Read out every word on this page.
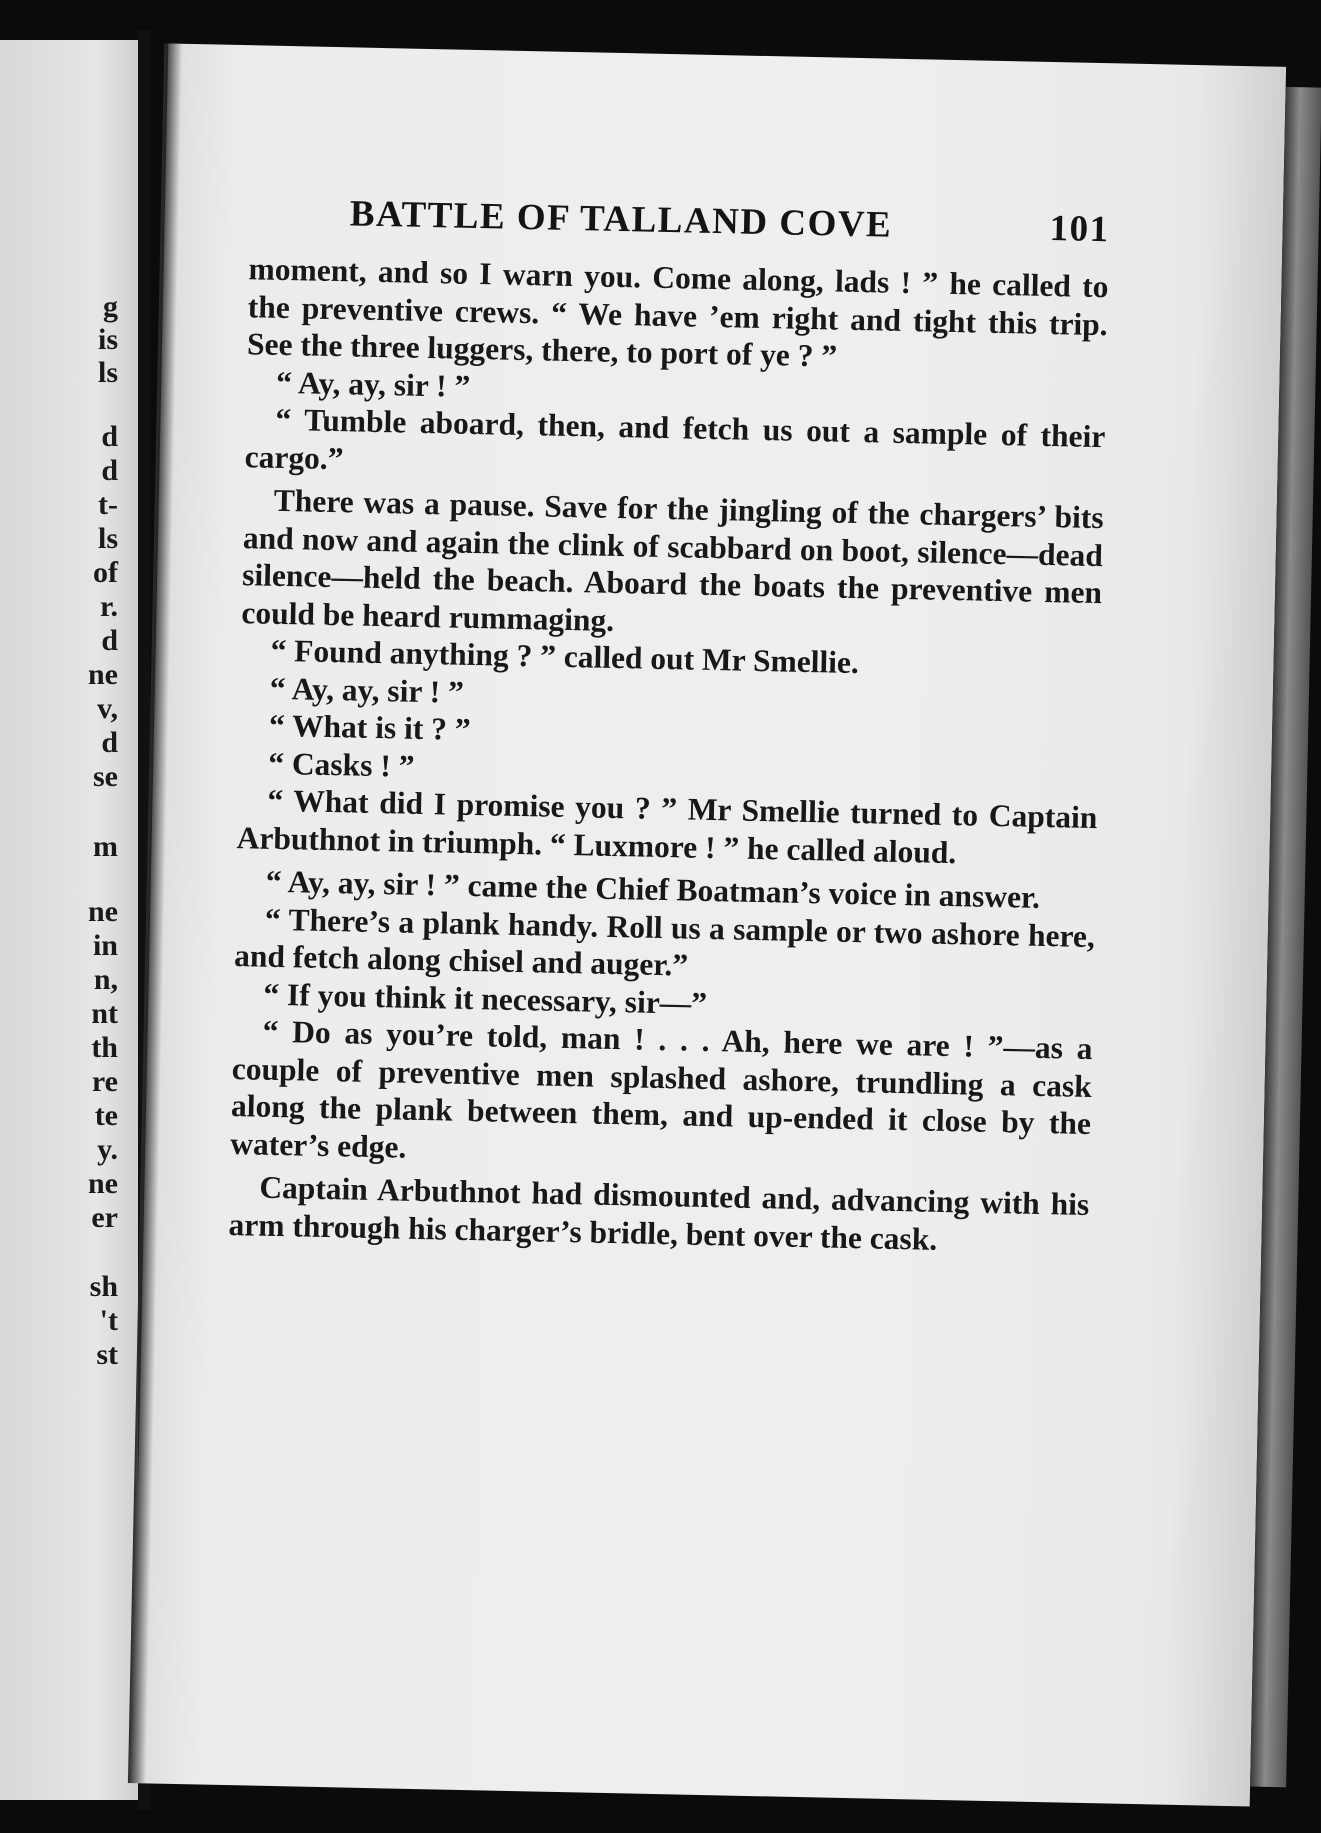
g
is
ls
d
d
t-
ls
of
r.
d
ne
v,
d
se
m
ne
in
n,
nt
th
re
te
y.
ne
er
sh
't
st
BATTLE OF TALLAND COVE	101

moment, and so I warn you. Come along, lads ! ” he called to the preventive crews. “ We have ’em right and tight this trip. See the three luggers, there, to port of ye ? ”

“ Ay, ay, sir ! ”

“ Tumble aboard, then, and fetch us out a sample of their cargo.”

There was a pause. Save for the jingling of the chargers’ bits and now and again the clink of scabbard on boot, silence—dead silence—held the beach. Aboard the boats the preventive men could be heard rummaging.

“ Found anything ? ” called out Mr Smellie.

“ Ay, ay, sir ! ”

“ What is it ? ”

“ Casks ! ”

“ What did I promise you ? ” Mr Smellie turned to Captain Arbuthnot in triumph. “ Luxmore ! ” he called aloud.

“ Ay, ay, sir ! ” came the Chief Boatman’s voice in answer.

“ There’s a plank handy. Roll us a sample or two ashore here, and fetch along chisel and auger.”

“ If you think it necessary, sir—”

“ Do as you’re told, man ! . . . Ah, here we are ! ”—as a couple of preventive men splashed ashore, trundling a cask along the plank between them, and up-ended it close by the water’s edge.

Captain Arbuthnot had dismounted and, advancing with his arm through his charger’s bridle, bent over the cask.
